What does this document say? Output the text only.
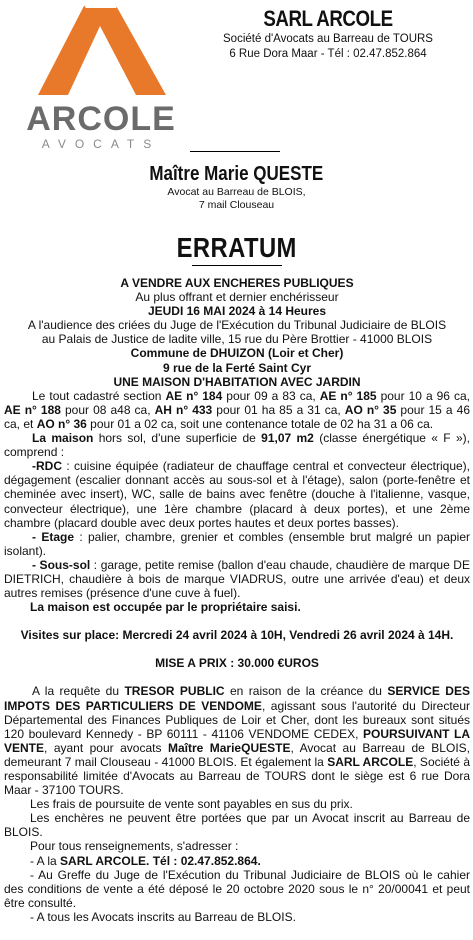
ARCOLE
AVOCATS
SARL ARCOLE
Société d'Avocats au Barreau de TOURS
6 Rue Dora Maar - Tél : 02.47.852.864
Maître Marie QUESTE
Avocat au Barreau de BLOIS,
7 mail Clouseau
ERRATUM
A VENDRE AUX ENCHERES PUBLIQUES
Au plus offrant et dernier enchérisseur
JEUDI 16 MAI 2024 à 14 Heures
A l'audience des criées du Juge de l'Exécution du Tribunal Judiciaire de BLOIS
au Palais de Justice de ladite ville, 15 rue du Père Brottier - 41000 BLOIS
Commune de DHUIZON (Loir et Cher)
9 rue de la Ferté Saint Cyr
UNE MAISON D'HABITATION AVEC JARDIN
Le tout cadastré section AE n° 184 pour 09 a 83 ca, AE n° 185 pour 10 a 96 ca, AE n° 188 pour 08 a48 ca, AH n° 433 pour 01 ha 85 a 31 ca, AO n° 35 pour 15 a 46 ca, et AO n° 36 pour 01 a 02 ca, soit une contenance totale de 02 ha 31 a 06 ca.
La maison hors sol, d'une superficie de 91,07 m2 (classe énergétique « F »), comprend :
-RDC : cuisine équipée (radiateur de chauffage central et convecteur électrique), dégagement (escalier donnant accès au sous-sol et à l'étage), salon (porte-fenêtre et cheminée avec insert), WC, salle de bains avec fenêtre (douche à l'italienne, vasque, convecteur électrique), une 1ère chambre (placard à deux portes), et une 2ème chambre (placard double avec deux portes hautes et deux portes basses).
- Etage : palier, chambre, grenier et combles (ensemble brut malgré un papier isolant).
- Sous-sol : garage, petite remise (ballon d'eau chaude, chaudière de marque DE DIETRICH, chaudière à bois de marque VIADRUS, outre une arrivée d'eau) et deux autres remises (présence d'une cuve à fuel).
La maison est occupée par le propriétaire saisi.
Visites sur place: Mercredi 24 avril 2024 à 10H, Vendredi 26 avril 2024 à 14H.
MISE A PRIX : 30.000 €UROS
A la requête du TRESOR PUBLIC en raison de la créance du SERVICE DES IMPOTS DES PARTICULIERS DE VENDOME, agissant sous l'autorité du Directeur Départemental des Finances Publiques de Loir et Cher, dont les bureaux sont situés 120 boulevard Kennedy - BP 60111 - 41106 VENDOME CEDEX, POURSUIVANT LA VENTE, ayant pour avocats Maître MarieQUESTE, Avocat au Barreau de BLOIS, demeurant 7 mail Clouseau - 41000 BLOIS. Et également la SARL ARCOLE, Société à responsabilité limitée d'Avocats au Barreau de TOURS dont le siège est 6 rue Dora Maar - 37100 TOURS.
Les frais de poursuite de vente sont payables en sus du prix.
Les enchères ne peuvent être portées que par un Avocat inscrit au Barreau de BLOIS.
Pour tous renseignements, s'adresser :
- A la SARL ARCOLE. Tél : 02.47.852.864.
- Au Greffe du Juge de l'Exécution du Tribunal Judiciaire de BLOIS où le cahier des conditions de vente a été déposé le 20 octobre 2020 sous le n° 20/00041 et peut être consulté.
- A tous les Avocats inscrits au Barreau de BLOIS.
